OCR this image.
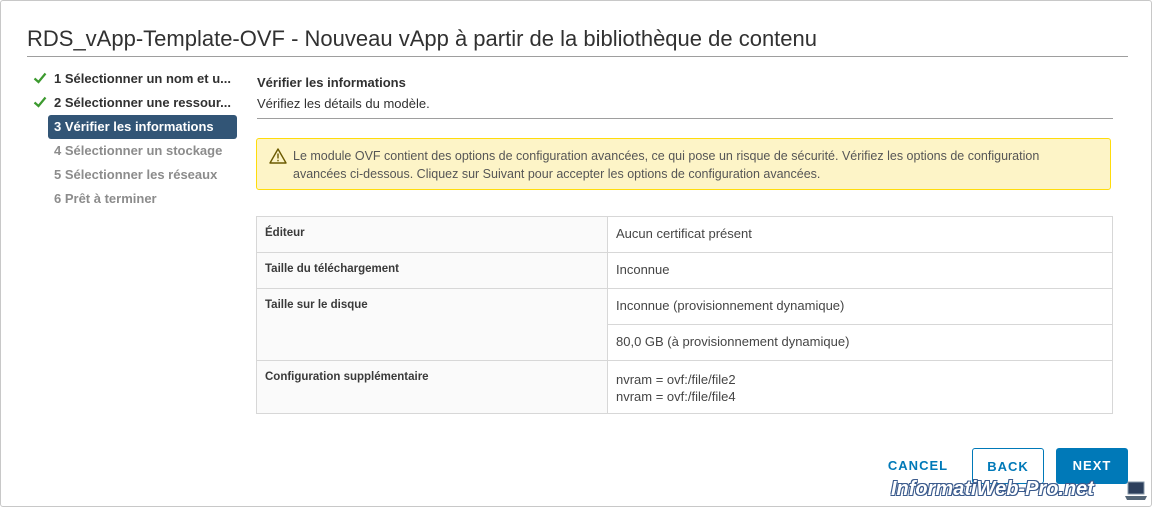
RDS_vApp-Template-OVF - Nouveau vApp à partir de la bibliothèque de contenu
1 Sélectionner un nom et u...
2 Sélectionner une ressour...
3 Vérifier les informations
4 Sélectionner un stockage
5 Sélectionner les réseaux
6 Prêt à terminer
Vérifier les informations
Vérifiez les détails du modèle.
Le module OVF contient des options de configuration avancées, ce qui pose un risque de sécurité. Vérifiez les options de configuration avancées ci-dessous. Cliquez sur Suivant pour accepter les options de configuration avancées.
Éditeur	Aucun certificat présent
Taille du téléchargement	Inconnue
Taille sur le disque	Inconnue (provisionnement dynamique)
	80,0 GB (à provisionnement dynamique)
Configuration supplémentaire	nvram = ovf:/file/file2
nvram = ovf:/file/file4
CANCEL	BACK	NEXT
InformatiWeb-Pro.net
